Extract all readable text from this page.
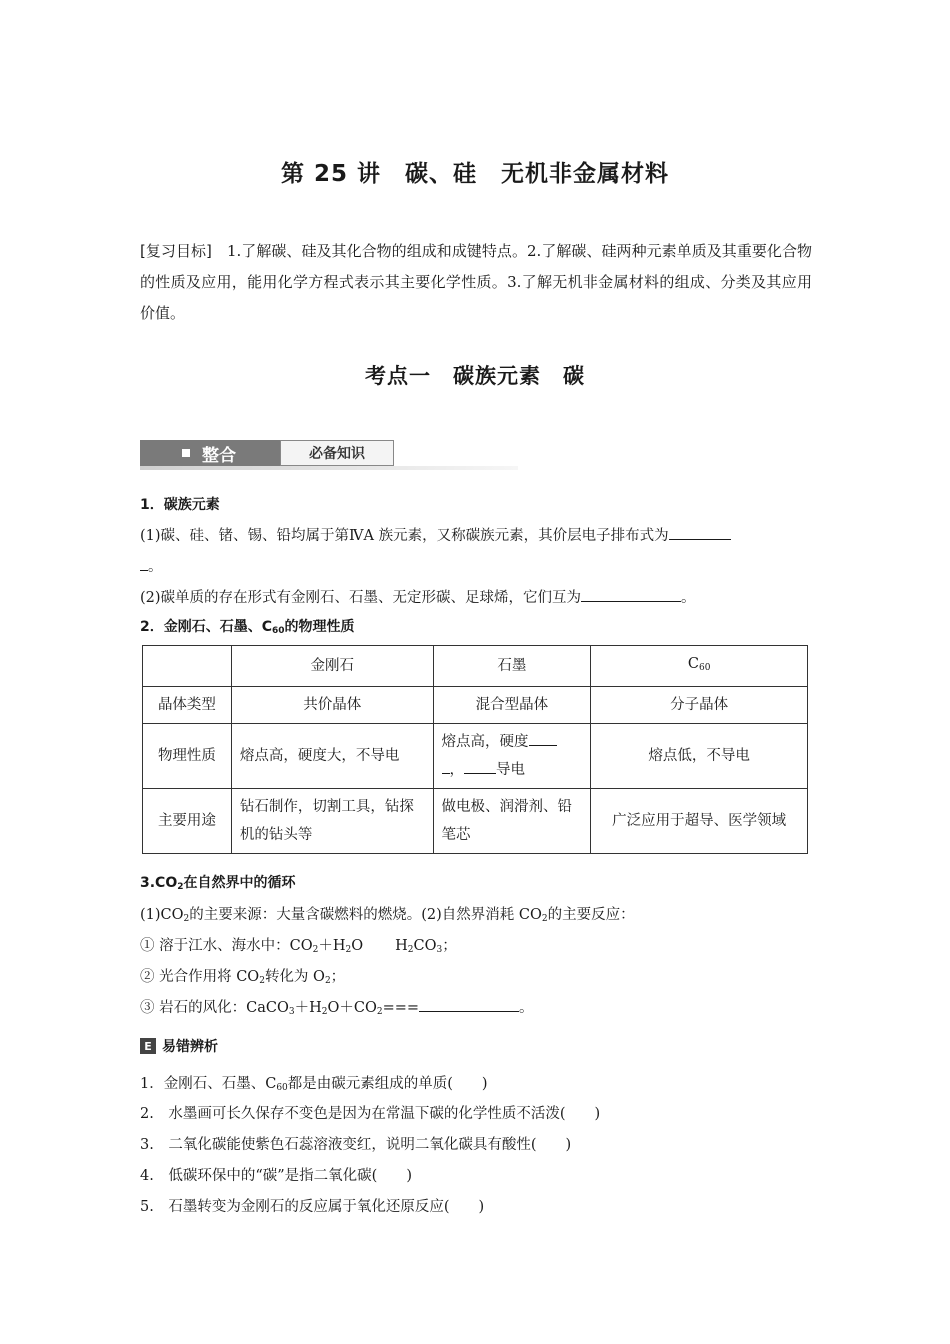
第 25 讲　碳、硅　无机非金属材料
[复习目标]　1.了解碳、硅及其化合物的组成和成键特点。2.了解碳、硅两种元素单质及其重要化合物的性质及应用，能用化学方程式表示其主要化学性质。3.了解无机非金属材料的组成、分类及其应用价值。
考点一　碳族元素　碳
整合	必备知识
1．碳族元素
(1)碳、硅、锗、锡、铅均属于第ⅣA 族元素，又称碳族元素，其价层电子排布式为
。
(2)碳单质的存在形式有金刚石、石墨、无定形碳、足球烯，它们互为	。
2．金刚石、石墨、$C_{60}$的物理性质
	金刚石	石墨	$C_{60}$
晶体类型	共价晶体	混合型晶体	分子晶体
物理性质	熔点高，硬度大，不导电	熔点高，硬度
， 导电	熔点低，不导电
主要用途	钻石制作，切割工具，钻探机的钻头等	做电极、润滑剂、铅笔芯	广泛应用于超导、医学领域
$3.CO_2$在自然界中的循环
$(1)CO_2$的主要来源：大量含碳燃料的燃烧。(2)自然界消耗 $CO_2$的主要反应：
① 溶于江水、海水中：$CO_2+H_2O$ $H_2CO_3$；
② 光合作用将 $CO_2$转化为 $O_2$；
③ 岩石的风化：$CaCO_3+H_2O+CO_2===$	。
E 易错辨析
1．金刚石、石墨、$C_{60}$都是由碳元素组成的单质(　　)
2.　水墨画可长久保存不变色是因为在常温下碳的化学性质不活泼(　　)
3.　二氧化碳能使紫色石蕊溶液变红，说明二氧化碳具有酸性(　　)
4.　低碳环保中的“碳”是指二氧化碳(　　)
5.　石墨转变为金刚石的反应属于氧化还原反应(　　)
